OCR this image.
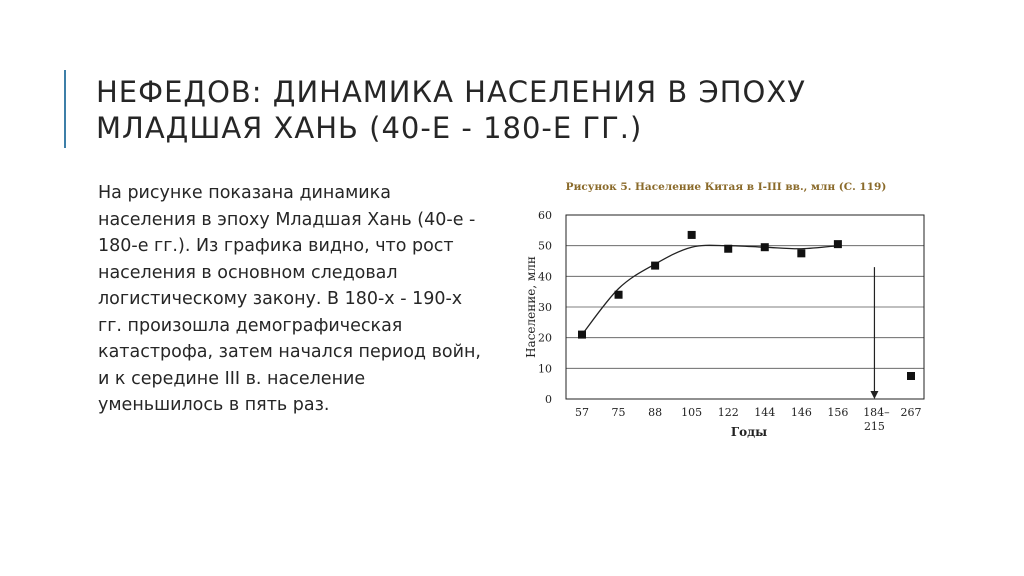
НЕФЕДОВ: ДИНАМИКА НАСЕЛЕНИЯ В ЭПОХУ
МЛАДШАЯ ХАНЬ (40-Е - 180-Е ГГ.)
На рисунке показана динамика населения в эпоху Младшая Хань (40-е - 180-е гг.). Из графика видно, что рост населения в основном следовал логистическому закону. В 180-х - 190-х гг. произошла демографическая катастрофа, затем начался период войн, и к середине III в. население уменьшилось в пять раз.
Рисунок 5. Население Китая в I-III вв., млн (С. 119)
0
10
20
30
40
50
60
57 75 88 105 122 144 146 156 184–
215
267
Годы
Население, млн
